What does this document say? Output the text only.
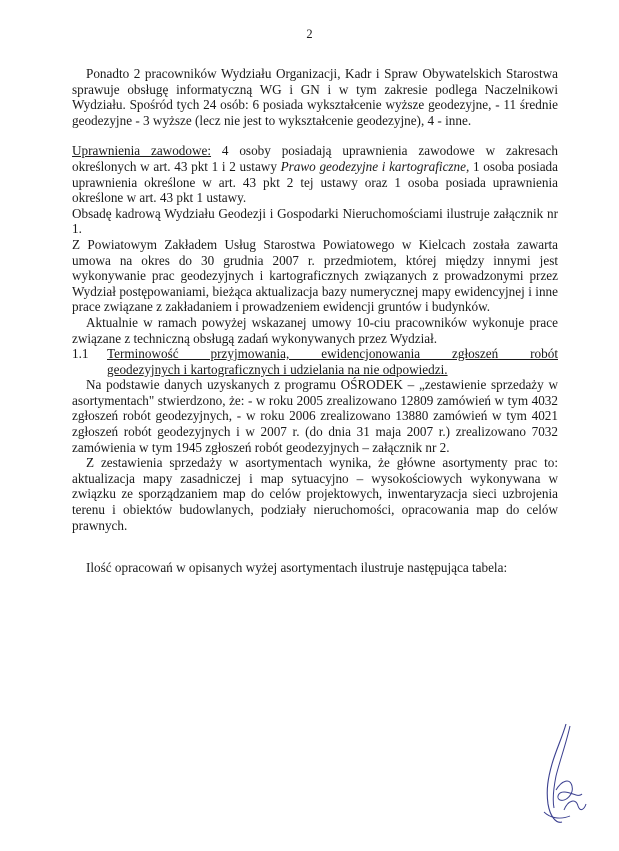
2

Ponadto 2 pracowników Wydziału Organizacji, Kadr i Spraw Obywatelskich Starostwa sprawuje obsługę informatyczną WG i GN i w tym zakresie podlega Naczelnikowi Wydziału. Spośród tych 24 osób: 6 posiada wykształcenie wyższe geodezyjne, - 11 średnie geodezyjne - 3 wyższe (lecz nie jest to wykształcenie geodezyjne), 4 - inne.

Uprawnienia zawodowe: 4 osoby posiadają uprawnienia zawodowe w zakresach określonych w art. 43 pkt 1 i 2 ustawy Prawo geodezyjne i kartograficzne, 1 osoba posiada uprawnienia określone w art. 43 pkt 2 tej ustawy oraz 1 osoba posiada uprawnienia określone w art. 43 pkt 1 ustawy.

Obsadę kadrową Wydziału Geodezji i Gospodarki Nieruchomościami ilustruje załącznik nr 1.

Z Powiatowym Zakładem Usług Starostwa Powiatowego w Kielcach została zawarta umowa na okres do 30 grudnia 2007 r. przedmiotem, której między innymi jest wykonywanie prac geodezyjnych i kartograficznych związanych z prowadzonymi przez Wydział postępowaniami, bieżąca aktualizacja bazy numerycznej mapy ewidencyjnej i inne prace związane z zakładaniem i prowadzeniem ewidencji gruntów i budynków.

Aktualnie w ramach powyżej wskazanej umowy 10-ciu pracowników wykonuje prace związane z techniczną obsługą zadań wykonywanych przez Wydział.

1.1	Terminowość przyjmowania, ewidencjonowania zgłoszeń robót
geodezyjnych i kartograficznych i udzielania na nie odpowiedzi.

Na podstawie danych uzyskanych z programu OŚRODEK – „zestawienie sprzedaży w asortymentach" stwierdzono, że: - w roku 2005 zrealizowano 12809 zamówień w tym 4032 zgłoszeń robót geodezyjnych, - w roku 2006 zrealizowano 13880 zamówień w tym 4021 zgłoszeń robót geodezyjnych i w 2007 r. (do dnia 31 maja 2007 r.) zrealizowano 7032 zamówienia w tym 1945 zgłoszeń robót geodezyjnych – załącznik nr 2.

Z zestawienia sprzedaży w asortymentach wynika, że główne asortymenty prac to: aktualizacja mapy zasadniczej i map sytuacyjno – wysokościowych wykonywana w związku ze sporządzaniem map do celów projektowych, inwentaryzacja sieci uzbrojenia terenu i obiektów budowlanych, podziały nieruchomości, opracowania map do celów prawnych.

Ilość opracowań w opisanych wyżej asortymentach ilustruje następująca tabela:
